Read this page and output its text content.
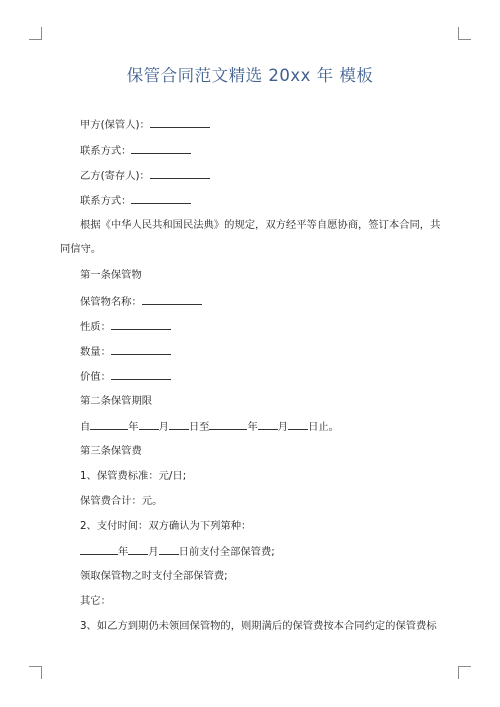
保管合同范文精选 20xx 年 模板
甲方(保管人)：
联系方式：
乙方(寄存人)：
联系方式：
根据《中华人民共和国民法典》的规定，双方经平等自愿协商，签订本合同，共
同信守。
第一条保管物
保管物名称：
性质：
数量：
价值：
第二条保管期限
自	年 月 日至	年 月 日止。
第三条保管费
1、保管费标准：元/日;
保管费合计：元。
2、支付时间：双方确认为下列第种：
年 月 日前支付全部保管费;
领取保管物之时支付全部保管费;
其它：
3、如乙方到期仍未领回保管物的，则期满后的保管费按本合同约定的保管费标
